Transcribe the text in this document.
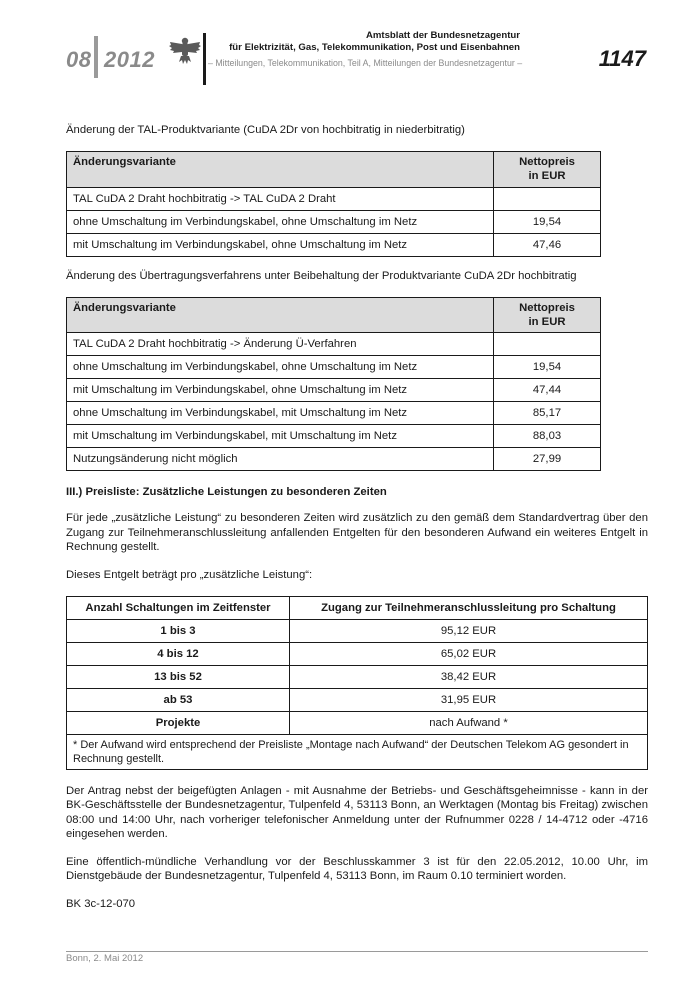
08 2012
Amtsblatt der Bundesnetzagentur
für Elektrizität, Gas, Telekommunikation, Post und Eisenbahnen
– Mitteilungen, Telekommunikation, Teil A, Mitteilungen der Bundesnetzagentur –	1147
Änderung der TAL-Produktvariante (CuDA 2Dr von hochbitratig in niederbitratig)
Änderungsvariante	Nettopreis
in EUR
TAL CuDA 2 Draht hochbitratig -> TAL CuDA 2 Draht	
ohne Umschaltung im Verbindungskabel, ohne Umschaltung im Netz	19,54
mit Umschaltung im Verbindungskabel, ohne Umschaltung im Netz	47,46
Änderung des Übertragungsverfahrens unter Beibehaltung der Produktvariante CuDA 2Dr hochbitratig
Änderungsvariante	Nettopreis
in EUR
TAL CuDA 2 Draht hochbitratig -> Änderung Ü-Verfahren	
ohne Umschaltung im Verbindungskabel, ohne Umschaltung im Netz	19,54
mit Umschaltung im Verbindungskabel, ohne Umschaltung im Netz	47,44
ohne Umschaltung im Verbindungskabel, mit Umschaltung im Netz	85,17
mit Umschaltung im Verbindungskabel, mit Umschaltung im Netz	88,03
Nutzungsänderung nicht möglich	27,99
III.) Preisliste: Zusätzliche Leistungen zu besonderen Zeiten

Für jede „zusätzliche Leistung“ zu besonderen Zeiten wird zusätzlich zu den gemäß dem Standardvertrag über den Zugang zur Teilnehmeranschlussleitung anfallenden Entgelten für den besonderen Aufwand ein weiteres Entgelt in Rechnung gestellt.

Dieses Entgelt beträgt pro „zusätzliche Leistung“:

Anzahl Schaltungen im Zeitfenster	Zugang zur Teilnehmeranschlussleitung pro Schaltung
1 bis 3	95,12 EUR
4 bis 12	65,02 EUR
13 bis 52	38,42 EUR
ab 53	31,95 EUR
Projekte	nach Aufwand *
* Der Aufwand wird entsprechend der Preisliste „Montage nach Aufwand“ der Deutschen Telekom AG gesondert in Rechnung gestellt.	

Der Antrag nebst der beigefügten Anlagen - mit Ausnahme der Betriebs- und Geschäftsgeheimnisse - kann in der BK-Geschäftsstelle der Bundesnetzagentur, Tulpenfeld 4, 53113 Bonn, an Werktagen (Montag bis Freitag) zwischen 08:00 und 14:00 Uhr, nach vorheriger telefonischer Anmeldung unter der Rufnummer 0228 / 14-4712 oder -4716 eingesehen werden.

Eine öffentlich-mündliche Verhandlung vor der Beschlusskammer 3 ist für den 22.05.2012, 10.00 Uhr, im Dienstgebäude der Bundesnetzagentur, Tulpenfeld 4, 53113 Bonn, im Raum 0.10 terminiert worden.

BK 3c-12-070

Bonn, 2. Mai 2012
